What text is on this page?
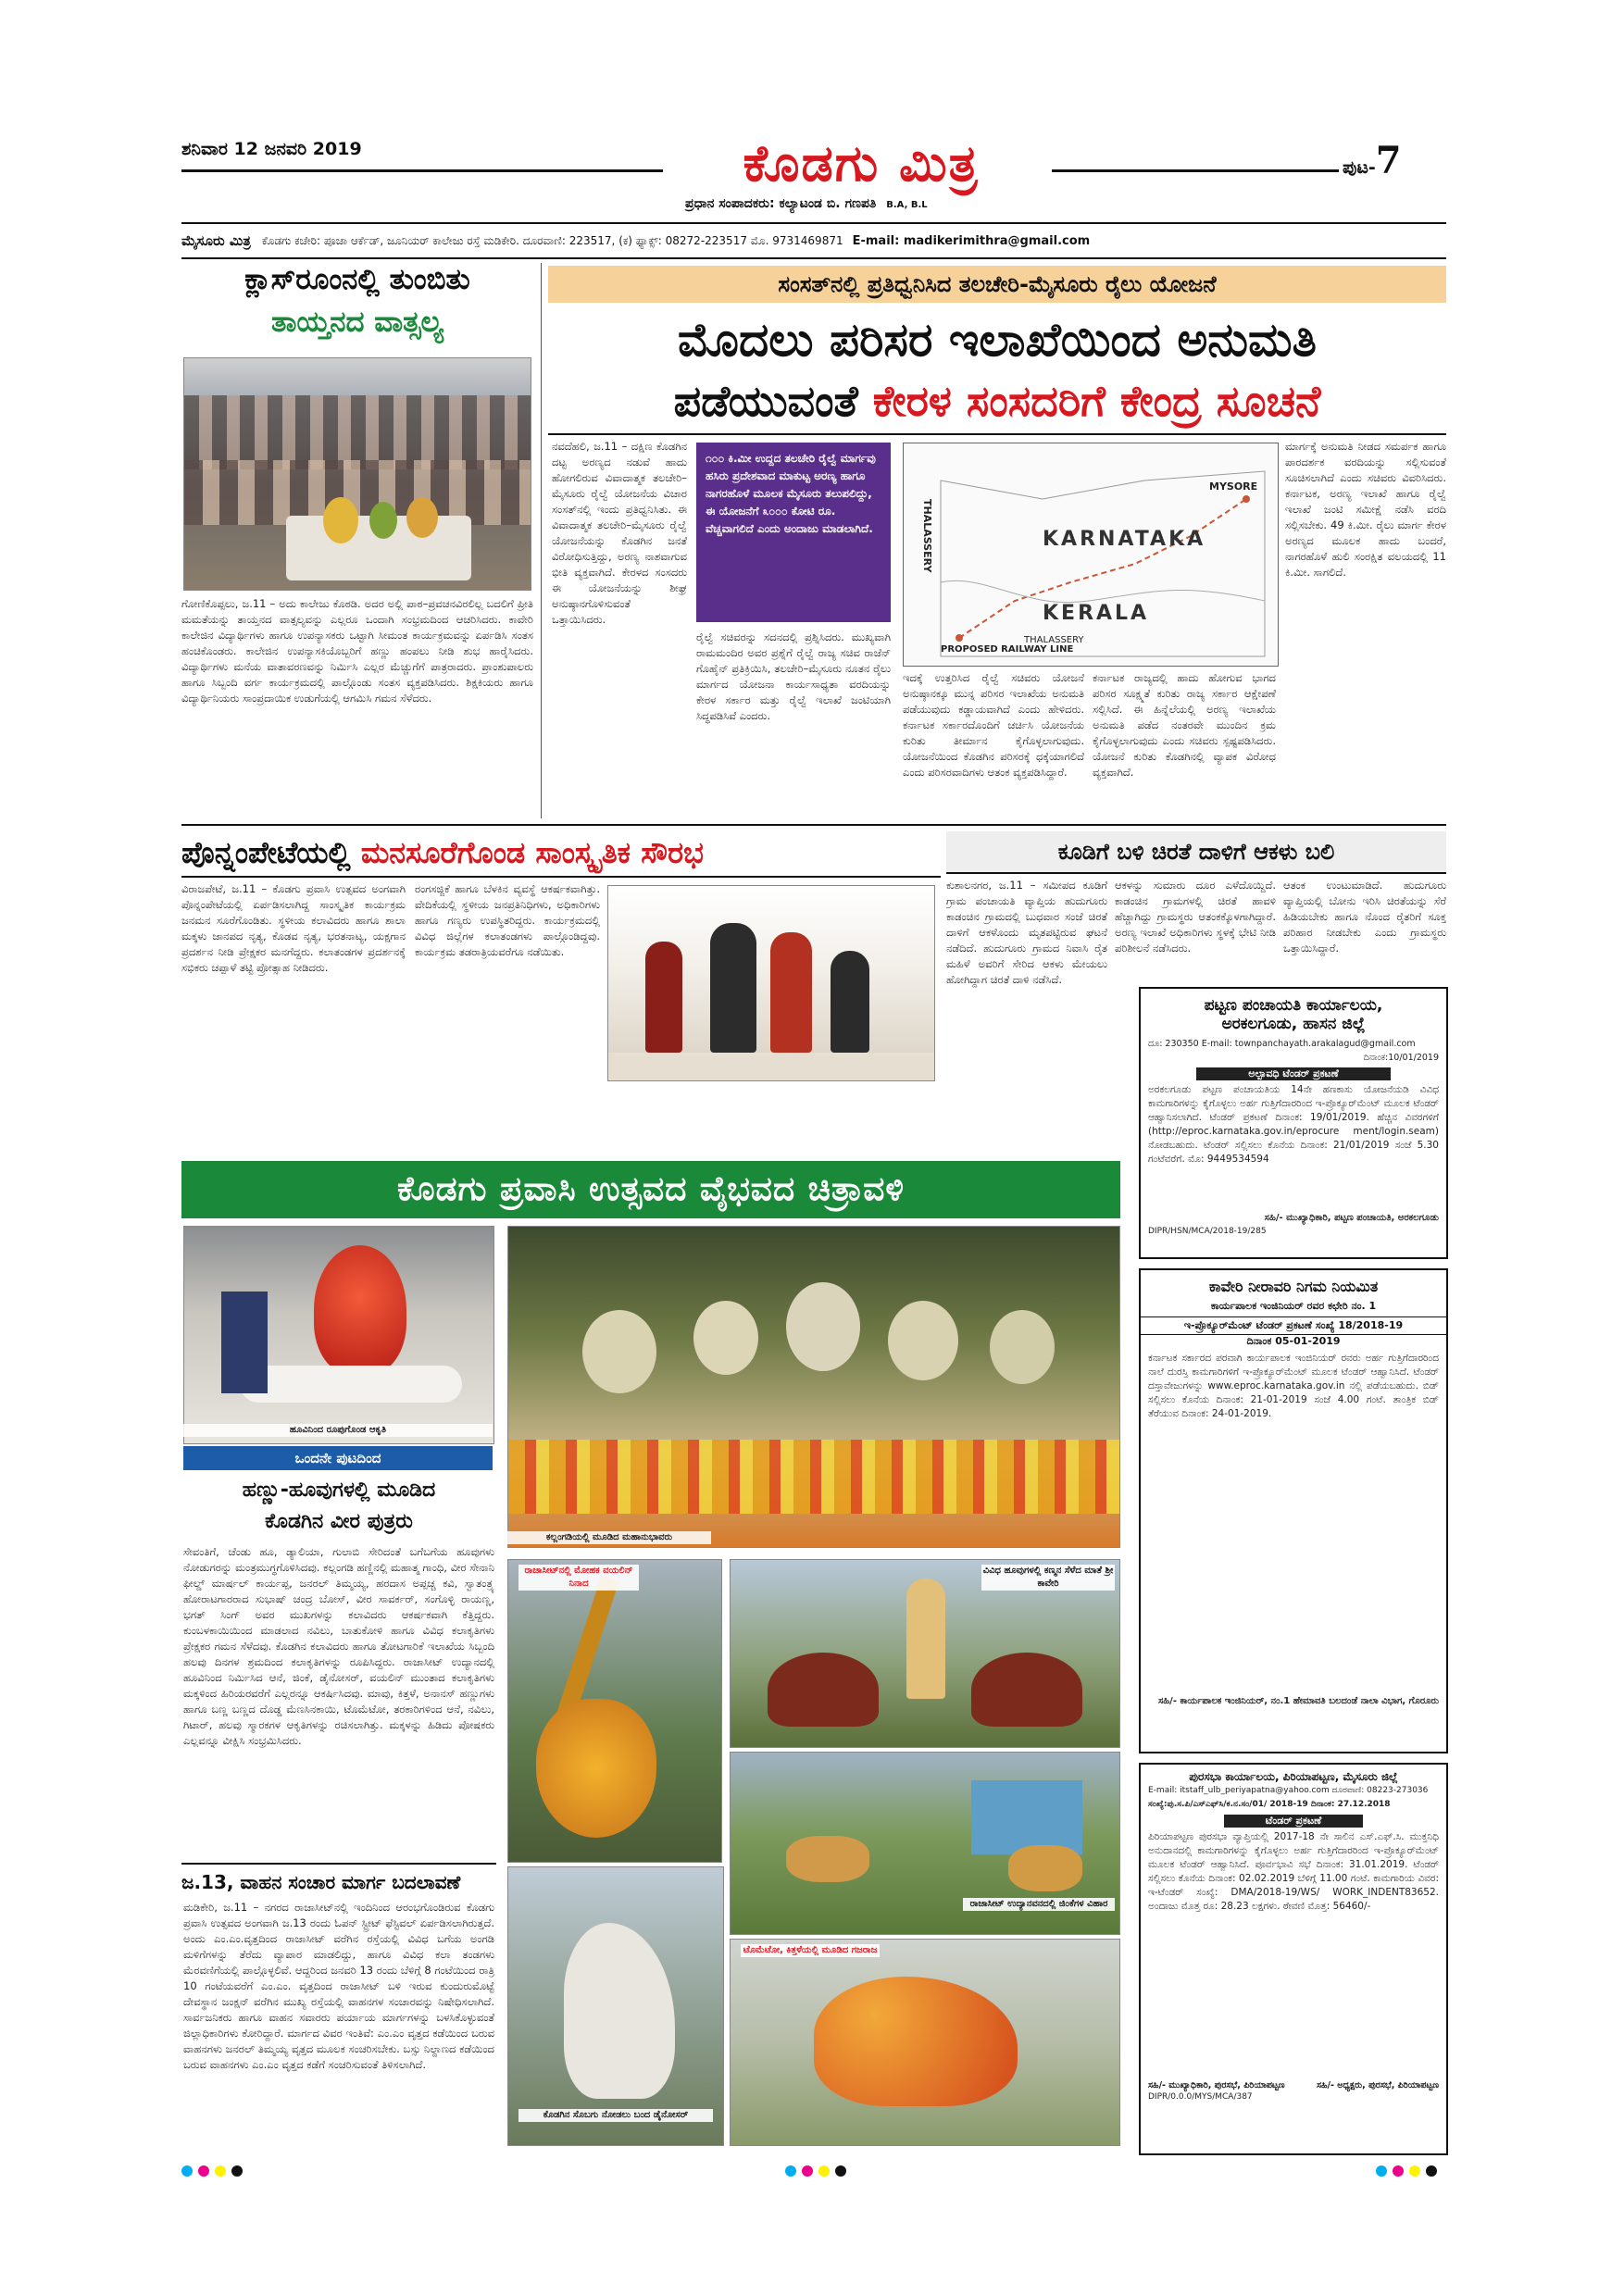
ಶನಿವಾರ 12 ಜನವರಿ 2019	ಕೊಡಗು ಮಿತ್ರ
ಪ್ರಧಾನ ಸಂಪಾದಕರು: ಕಲ್ಯಾಟಂಡ ಬಿ. ಗಣಪತಿ B.A, B.L
ಪುಟ-7
ಮೈಸೂರು ಮಿತ್ರ ಕೊಡಗು ಕಚೇರಿ: ಪೂಜಾ ಆರ್ಕೆಡ್, ಜೂನಿಯರ್ ಕಾಲೇಜು ರಸ್ತೆ ಮಡಿಕೇರಿ. ದೂರವಾಣಿ: 223517, (ಕ) ಫ್ಯಾಕ್ಸ್: 08272-223517 ಮೊ. 9731469871 E-mail: madikerimithra@gmail.com
ಕ್ಲಾಸ್‌ರೂಂನಲ್ಲಿ ತುಂಬಿತು
ತಾಯ್ತನದ ವಾತ್ಸಲ್ಯ
ಗೋಣಿಕೊಪ್ಪಲು, ಜ.11 – ಅದು ಕಾಲೇಜು ಕೊಠಡಿ. ಅದರ ಅಲ್ಲಿ ಪಾಠ–ಪ್ರವಚನವಿರಲಿಲ್ಲ ಬದಲಿಗೆ ಪ್ರೀತಿ ಮಮತೆಯನ್ನು ತಾಯ್ತನದ ವಾತ್ಸಲ್ಯವನ್ನು ಎಲ್ಲರೂ ಒಂದಾಗಿ ಸಂಭ್ರಮದಿಂದ ಆಚರಿಸಿದರು. ಕಾವೇರಿ ಕಾಲೇಜಿನ ವಿದ್ಯಾರ್ಥಿಗಳು ಹಾಗೂ ಉಪನ್ಯಾಸಕರು ಒಟ್ಟಾಗಿ ಸೀಮಂತ ಕಾರ್ಯಕ್ರಮವನ್ನು ಏರ್ಪಡಿಸಿ ಸಂತಸ ಹಂಚಿಕೊಂಡರು. ಕಾಲೇಜಿನ ಉಪನ್ಯಾಸಕಿಯೊಬ್ಬರಿಗೆ ಹಣ್ಣು ಹಂಪಲು ನೀಡಿ ಶುಭ ಹಾರೈಸಿದರು. ವಿದ್ಯಾರ್ಥಿಗಳು ಮನೆಯ ವಾತಾವರಣವನ್ನು ನಿರ್ಮಿಸಿ ಎಲ್ಲರ ಮೆಚ್ಚುಗೆಗೆ ಪಾತ್ರರಾದರು. ಪ್ರಾಂಶುಪಾಲರು ಹಾಗೂ ಸಿಬ್ಬಂದಿ ವರ್ಗ ಕಾರ್ಯಕ್ರಮದಲ್ಲಿ ಪಾಲ್ಗೊಂಡು ಸಂತಸ ವ್ಯಕ್ತಪಡಿಸಿದರು. ಶಿಕ್ಷಕಿಯರು ಹಾಗೂ ವಿದ್ಯಾರ್ಥಿನಿಯರು ಸಾಂಪ್ರದಾಯಿಕ ಉಡುಗೆಯಲ್ಲಿ ಆಗಮಿಸಿ ಗಮನ ಸೆಳೆದರು.
ಸಂಸತ್‌ನಲ್ಲಿ ಪ್ರತಿಧ್ವನಿಸಿದ ತಲಚೇರಿ-ಮೈಸೂರು ರೈಲು ಯೋಜನೆ
ಮೊದಲು ಪರಿಸರ ಇಲಾಖೆಯಿಂದ ಅನುಮತಿ
ಪಡೆಯುವಂತೆ ಕೇರಳ ಸಂಸದರಿಗೆ ಕೇಂದ್ರ ಸೂಚನೆ
ನವದೆಹಲಿ, ಜ.11 – ದಕ್ಷಿಣ ಕೊಡಗಿನ ದಟ್ಟ ಅರಣ್ಯದ ನಡುವೆ ಹಾದು ಹೋಗಲಿರುವ ವಿವಾದಾತ್ಮಕ ತಲಚೇರಿ–ಮೈಸೂರು ರೈಲ್ವೆ ಯೋಜನೆಯ ವಿಚಾರ ಸಂಸತ್‌ನಲ್ಲಿ ಇಂದು ಪ್ರತಿಧ್ವನಿಸಿತು. ಈ ವಿವಾದಾತ್ಮಕ ತಲಚೇರಿ–ಮೈಸೂರು ರೈಲ್ವೆ ಯೋಜನೆಯನ್ನು ಕೊಡಗಿನ ಜನತೆ ವಿರೋಧಿಸುತ್ತಿದ್ದು, ಅರಣ್ಯ ನಾಶವಾಗುವ ಭೀತಿ ವ್ಯಕ್ತವಾಗಿದೆ. ಕೇರಳದ ಸಂಸದರು ಈ ಯೋಜನೆಯನ್ನು ಶೀಘ್ರ ಅನುಷ್ಠಾನಗೊಳಿಸುವಂತೆ ಒತ್ತಾಯಿಸಿದರು.
೧೦೦ ಕಿ.ಮೀ ಉದ್ದದ ತಲಚೇರಿ ರೈಲ್ವೆ ಮಾರ್ಗವು ಹಸಿರು ಪ್ರದೇಶವಾದ ಮಾಕುಟ್ಟ ಅರಣ್ಯ ಹಾಗೂ ನಾಗರಹೊಳೆ ಮೂಲಕ ಮೈಸೂರು ತಲುಪಲಿದ್ದು, ಈ ಯೋಜನೆಗೆ ೩೦೦೦ ಕೋಟಿ ರೂ. ವೆಚ್ಚವಾಗಲಿದೆ ಎಂದು ಅಂದಾಜು ಮಾಡಲಾಗಿದೆ.
ರೈಲ್ವೆ ಸಚಿವರನ್ನು ಸದನದಲ್ಲಿ ಪ್ರಶ್ನಿಸಿದರು. ಮುಖ್ಯವಾಗಿ ರಾಮಮಂದಿರ ಅವರ ಪ್ರಶ್ನೆಗೆ ರೈಲ್ವೆ ರಾಜ್ಯ ಸಚಿವ ರಾಜೆನ್ ಗೊಹೈನ್ ಪ್ರತಿಕ್ರಿಯಿಸಿ, ತಲಚೇರಿ–ಮೈಸೂರು ನೂತನ ರೈಲು ಮಾರ್ಗದ ಯೋಜನಾ ಕಾರ್ಯಸಾಧ್ಯತಾ ವರದಿಯನ್ನು ಕೇರಳ ಸರ್ಕಾರ ಮತ್ತು ರೈಲ್ವೆ ಇಲಾಖೆ ಜಂಟಿಯಾಗಿ ಸಿದ್ಧಪಡಿಸಿವೆ ಎಂದರು.
THALASSERY
MYSORE
KARNATAKA
KERALA
PROPOSED RAILWAY LINE
THALASSERY
ಇದಕ್ಕೆ ಉತ್ತರಿಸಿದ ರೈಲ್ವೆ ಸಚಿವರು ಯೋಜನೆ ಅನುಷ್ಠಾನಕ್ಕೂ ಮುನ್ನ ಪರಿಸರ ಇಲಾಖೆಯ ಅನುಮತಿ ಪಡೆಯುವುದು ಕಡ್ಡಾಯವಾಗಿದೆ ಎಂದು ಹೇಳಿದರು. ಕರ್ನಾಟಕ ಸರ್ಕಾರದೊಂದಿಗೆ ಚರ್ಚಿಸಿ ಯೋಜನೆಯ ಕುರಿತು ತೀರ್ಮಾನ ಕೈಗೊಳ್ಳಲಾಗುವುದು. ಯೋಜನೆಯಿಂದ ಕೊಡಗಿನ ಪರಿಸರಕ್ಕೆ ಧಕ್ಕೆಯಾಗಲಿದೆ ಎಂದು ಪರಿಸರವಾದಿಗಳು ಆತಂಕ ವ್ಯಕ್ತಪಡಿಸಿದ್ದಾರೆ.
ಕರ್ನಾಟಕ ರಾಜ್ಯದಲ್ಲಿ ಹಾದು ಹೋಗುವ ಭಾಗದ ಪರಿಸರ ಸೂಕ್ಷ್ಮತೆ ಕುರಿತು ರಾಜ್ಯ ಸರ್ಕಾರ ಆಕ್ಷೇಪಣೆ ಸಲ್ಲಿಸಿದೆ. ಈ ಹಿನ್ನೆಲೆಯಲ್ಲಿ ಅರಣ್ಯ ಇಲಾಖೆಯ ಅನುಮತಿ ಪಡೆದ ನಂತರವೇ ಮುಂದಿನ ಕ್ರಮ ಕೈಗೊಳ್ಳಲಾಗುವುದು ಎಂದು ಸಚಿವರು ಸ್ಪಷ್ಟಪಡಿಸಿದರು. ಯೋಜನೆ ಕುರಿತು ಕೊಡಗಿನಲ್ಲಿ ವ್ಯಾಪಕ ವಿರೋಧ ವ್ಯಕ್ತವಾಗಿದೆ.
ಮಾರ್ಗಕ್ಕೆ ಅನುಮತಿ ನೀಡದ ಸಮರ್ಪಕ ಹಾಗೂ ಪಾರದರ್ಶಕ ವರದಿಯನ್ನು ಸಲ್ಲಿಸುವಂತೆ ಸೂಚಿಸಲಾಗಿದೆ ಎಂದು ಸಚಿವರು ವಿವರಿಸಿದರು. ಕರ್ನಾಟಕ, ಅರಣ್ಯ ಇಲಾಖೆ ಹಾಗೂ ರೈಲ್ವೆ ಇಲಾಖೆ ಜಂಟಿ ಸಮೀಕ್ಷೆ ನಡೆಸಿ ವರದಿ ಸಲ್ಲಿಸಬೇಕು. 49 ಕಿ.ಮೀ. ರೈಲು ಮಾರ್ಗ ಕೇರಳ ಅರಣ್ಯದ ಮೂಲಕ ಹಾದು ಬಂದರೆ, ನಾಗರಹೊಳೆ ಹುಲಿ ಸಂರಕ್ಷಿತ ವಲಯದಲ್ಲಿ 11 ಕಿ.ಮೀ. ಸಾಗಲಿದೆ.
ಪೊನ್ನಂಪೇಟೆಯಲ್ಲಿ ಮನಸೂರೆಗೊಂಡ ಸಾಂಸ್ಕೃತಿಕ ಸೌರಭ
ವಿರಾಜಪೇಟೆ, ಜ.11 – ಕೊಡಗು ಪ್ರವಾಸಿ ಉತ್ಸವದ ಅಂಗವಾಗಿ ಪೊನ್ನಂಪೇಟೆಯಲ್ಲಿ ಏರ್ಪಡಿಸಲಾಗಿದ್ದ ಸಾಂಸ್ಕೃತಿಕ ಕಾರ್ಯಕ್ರಮ ಜನಮನ ಸೂರೆಗೊಂಡಿತು. ಸ್ಥಳೀಯ ಕಲಾವಿದರು ಹಾಗೂ ಶಾಲಾ ಮಕ್ಕಳು ಜಾನಪದ ನೃತ್ಯ, ಕೊಡವ ನೃತ್ಯ, ಭರತನಾಟ್ಯ, ಯಕ್ಷಗಾನ ಪ್ರದರ್ಶನ ನೀಡಿ ಪ್ರೇಕ್ಷಕರ ಮನಗೆದ್ದರು. ಕಲಾತಂಡಗಳ ಪ್ರದರ್ಶನಕ್ಕೆ ಸಭಿಕರು ಚಪ್ಪಾಳೆ ತಟ್ಟಿ ಪ್ರೋತ್ಸಾಹ ನೀಡಿದರು.
ರಂಗಸಜ್ಜಿಕೆ ಹಾಗೂ ಬೆಳಕಿನ ವ್ಯವಸ್ಥೆ ಆಕರ್ಷಕವಾಗಿತ್ತು. ವೇದಿಕೆಯಲ್ಲಿ ಸ್ಥಳೀಯ ಜನಪ್ರತಿನಿಧಿಗಳು, ಅಧಿಕಾರಿಗಳು ಹಾಗೂ ಗಣ್ಯರು ಉಪಸ್ಥಿತರಿದ್ದರು. ಕಾರ್ಯಕ್ರಮದಲ್ಲಿ ವಿವಿಧ ಜಿಲ್ಲೆಗಳ ಕಲಾತಂಡಗಳು ಪಾಲ್ಗೊಂಡಿದ್ದವು. ಕಾರ್ಯಕ್ರಮ ತಡರಾತ್ರಿಯವರೆಗೂ ನಡೆಯಿತು.
ಕೂಡಿಗೆ ಬಳಿ ಚಿರತೆ ದಾಳಿಗೆ ಆಕಳು ಬಲಿ
ಕುಶಾಲನಗರ, ಜ.11 – ಸಮೀಪದ ಕೂಡಿಗೆ ಗ್ರಾಮ ಪಂಚಾಯತಿ ವ್ಯಾಪ್ತಿಯ ಹುದುಗೂರು ಕಾಡಂಚಿನ ಗ್ರಾಮದಲ್ಲಿ ಬುಧವಾರ ಸಂಜೆ ಚಿರತೆ ದಾಳಿಗೆ ಆಕಳೊಂದು ಮೃತಪಟ್ಟಿರುವ ಘಟನೆ ನಡೆದಿದೆ. ಹುದುಗೂರು ಗ್ರಾಮದ ನಿವಾಸಿ ರೈತ ಮಹಿಳೆ ಅವರಿಗೆ ಸೇರಿದ ಆಕಳು ಮೇಯಲು ಹೋಗಿದ್ದಾಗ ಚಿರತೆ ದಾಳಿ ನಡೆಸಿದೆ.
ಆಕಳನ್ನು ಸುಮಾರು ದೂರ ಎಳೆದೊಯ್ದಿದೆ. ಕಾಡಂಚಿನ ಗ್ರಾಮಗಳಲ್ಲಿ ಚಿರತೆ ಹಾವಳಿ ಹೆಚ್ಚಾಗಿದ್ದು ಗ್ರಾಮಸ್ಥರು ಆತಂಕಕ್ಕೊಳಗಾಗಿದ್ದಾರೆ. ಅರಣ್ಯ ಇಲಾಖೆ ಅಧಿಕಾರಿಗಳು ಸ್ಥಳಕ್ಕೆ ಭೇಟಿ ನೀಡಿ ಪರಿಶೀಲನೆ ನಡೆಸಿದರು.
ಆತಂಕ ಉಂಟುಮಾಡಿದೆ. ಹುದುಗೂರು ವ್ಯಾಪ್ತಿಯಲ್ಲಿ ಬೋನು ಇರಿಸಿ ಚಿರತೆಯನ್ನು ಸೆರೆ ಹಿಡಿಯಬೇಕು ಹಾಗೂ ನೊಂದ ರೈತರಿಗೆ ಸೂಕ್ತ ಪರಿಹಾರ ನೀಡಬೇಕು ಎಂದು ಗ್ರಾಮಸ್ಥರು ಒತ್ತಾಯಿಸಿದ್ದಾರೆ.
ಪಟ್ಟಣ ಪಂಚಾಯತಿ ಕಾರ್ಯಾಲಯ,
ಅರಕಲಗೂಡು, ಹಾಸನ ಜಿಲ್ಲೆ
ದೂ: 230350 E-mail: townpanchayath.arakalagud@gmail.com
ದಿನಾಂಕ:10/01/2019
ಅಲ್ಪಾವಧಿ ಟೆಂಡರ್ ಪ್ರಕಟಣೆ
ಅರಕಲಗೂಡು ಪಟ್ಟಣ ಪಂಚಾಯತಿಯ 14ನೇ ಹಣಕಾಸು ಯೋಜನೆಯಡಿ ವಿವಿಧ ಕಾಮಗಾರಿಗಳನ್ನು ಕೈಗೊಳ್ಳಲು ಅರ್ಹ ಗುತ್ತಿಗೆದಾರರಿಂದ ಇ-ಪ್ರೊಕ್ಯೂರ್‌ಮೆಂಟ್ ಮೂಲಕ ಟೆಂಡರ್ ಆಹ್ವಾನಿಸಲಾಗಿದೆ. ಟೆಂಡರ್ ಪ್ರಕಟಣೆ ದಿನಾಂಕ: 19/01/2019. ಹೆಚ್ಚಿನ ವಿವರಗಳಿಗೆ (http://eproc.karnataka.gov.in/eprocure ment/login.seam) ನೋಡಬಹುದು. ಟೆಂಡರ್ ಸಲ್ಲಿಸಲು ಕೊನೆಯ ದಿನಾಂಕ: 21/01/2019 ಸಂಜೆ 5.30 ಗಂಟೆವರೆಗೆ. ಮೊ: 9449534594
ಸಹಿ/- ಮುಖ್ಯಾಧಿಕಾರಿ, ಪಟ್ಟಣ ಪಂಚಾಯತಿ, ಅರಕಲಗೂಡು
DIPR/HSN/MCA/2018-19/285
ಕೊಡಗು ಪ್ರವಾಸಿ ಉತ್ಸವದ ವೈಭವದ ಚಿತ್ರಾವಳಿ
ಹೂವಿನಿಂದ ರೂಪುಗೊಂಡ ಆಕೃತಿ
ಒಂದನೇ ಪುಟದಿಂದ
ಹಣ್ಣು-ಹೂವುಗಳಲ್ಲಿ ಮೂಡಿದ
ಕೊಡಗಿನ ವೀರ ಪುತ್ರರು
ಸೇವಂತಿಗೆ, ಚೆಂಡು ಹೂ, ಡ್ಯಾಲಿಯಾ, ಗುಲಾಬಿ ಸೇರಿದಂತೆ ಬಗೆಬಗೆಯ ಹೂವುಗಳು ನೋಡುಗರನ್ನು ಮಂತ್ರಮುಗ್ಧಗೊಳಿಸಿದವು. ಕಲ್ಲಂಗಡಿ ಹಣ್ಣಿನಲ್ಲಿ ಮಹಾತ್ಮ ಗಾಂಧಿ, ವೀರ ಸೇನಾನಿ ಫೀಲ್ಡ್ ಮಾರ್ಷಲ್ ಕಾರ್ಯಪ್ಪ, ಜನರಲ್ ತಿಮ್ಮಯ್ಯ, ಹರದಾಸ ಅಪ್ಪಚ್ಚ ಕವಿ, ಸ್ವಾತಂತ್ರ್ಯ ಹೋರಾಟಗಾರರಾದ ಸುಭಾಷ್ ಚಂದ್ರ ಬೋಸ್, ವೀರ ಸಾವರ್ಕರ್, ಸಂಗೊಳ್ಳಿ ರಾಯಣ್ಣ, ಭಗತ್ ಸಿಂಗ್ ಅವರ ಮುಖಗಳನ್ನು ಕಲಾವಿದರು ಆಕರ್ಷಕವಾಗಿ ಕೆತ್ತಿದ್ದರು. ಕುಂಬಳಕಾಯಿಯಿಂದ ಮಾಡಲಾದ ನವಿಲು, ಬಾತುಕೋಳಿ ಹಾಗೂ ವಿವಿಧ ಕಲಾಕೃತಿಗಳು ಪ್ರೇಕ್ಷಕರ ಗಮನ ಸೆಳೆದವು. ಕೊಡಗಿನ ಕಲಾವಿದರು ಹಾಗೂ ತೋಟಗಾರಿಕೆ ಇಲಾಖೆಯ ಸಿಬ್ಬಂದಿ ಹಲವು ದಿನಗಳ ಶ್ರಮದಿಂದ ಕಲಾಕೃತಿಗಳನ್ನು ರೂಪಿಸಿದ್ದರು. ರಾಜಾಸೀಟ್ ಉದ್ಯಾನದಲ್ಲಿ ಹೂವಿನಿಂದ ನಿರ್ಮಿಸಿದ ಆನೆ, ಜಿಂಕೆ, ಡೈನೋಸರ್, ವಯಲಿನ್ ಮುಂತಾದ ಕಲಾಕೃತಿಗಳು ಮಕ್ಕಳಿಂದ ಹಿರಿಯರವರೆಗೆ ಎಲ್ಲರನ್ನೂ ಆಕರ್ಷಿಸಿದವು. ಮಾವು, ಕಿತ್ತಳೆ, ಅನಾನಸ್ ಹಣ್ಣುಗಳು ಹಾಗೂ ಬಣ್ಣ ಬಣ್ಣದ ದೊಡ್ಡ ಮೆಣಸಿನಕಾಯಿ, ಟೊಮೆಟೋ, ತರಕಾರಿಗಳಿಂದ ಆನೆ, ನವಿಲು, ಗಿಟಾರ್, ಹಲವು ಸ್ಮಾರಕಗಳ ಆಕೃತಿಗಳನ್ನು ರಚಿಸಲಾಗಿತ್ತು. ಮಕ್ಕಳನ್ನು ಹಿಡಿದು ಪೋಷಕರು ಎಲ್ಲವನ್ನೂ ವೀಕ್ಷಿಸಿ ಸಂಭ್ರಮಿಸಿದರು.
ಜ.13, ವಾಹನ ಸಂಚಾರ ಮಾರ್ಗ ಬದಲಾವಣೆ
ಮಡಿಕೇರಿ, ಜ.11 – ನಗರದ ರಾಜಾಸೀಟ್‌ನಲ್ಲಿ ಇಂದಿನಿಂದ ಆರಂಭಗೊಂಡಿರುವ ಕೊಡಗು ಪ್ರವಾಸಿ ಉತ್ಸವದ ಅಂಗವಾಗಿ ಜ.13 ರಂದು ಓಪನ್ ಸ್ಟ್ರೀಟ್ ಫೆಸ್ಟಿವಲ್ ಏರ್ಪಡಿಸಲಾಗಿರುತ್ತದೆ. ಅಂದು ಎಂ.ಎಂ.ವೃತ್ತದಿಂದ ರಾಜಾಸೀಟ್ ವರೆಗಿನ ರಸ್ತೆಯಲ್ಲಿ ವಿವಿಧ ಬಗೆಯ ಅಂಗಡಿ ಮಳಿಗೆಗಳನ್ನು ತೆರೆದು ವ್ಯಾಪಾರ ಮಾಡಲಿದ್ದು, ಹಾಗೂ ವಿವಿಧ ಕಲಾ ತಂಡಗಳು ಮೆರವಣಿಗೆಯಲ್ಲಿ ಪಾಲ್ಗೊಳ್ಳಲಿವೆ. ಆದ್ದರಿಂದ ಜನವರಿ 13 ರಂದು ಬೆಳಿಗ್ಗೆ 8 ಗಂಟೆಯಿಂದ ರಾತ್ರಿ 10 ಗಂಟೆಯವರೆಗೆ ಎಂ.ಎಂ. ವೃತ್ತದಿಂದ ರಾಜಾಸೀಟ್ ಬಳಿ ಇರುವ ಕುಂದುರುಮೊಟ್ಟೆ ದೇವಸ್ಥಾನ ಜಂಕ್ಷನ್ ವರೆಗಿನ ಮುಖ್ಯ ರಸ್ತೆಯಲ್ಲಿ ವಾಹನಗಳ ಸಂಚಾರವನ್ನು ನಿಷೇಧಿಸಲಾಗಿದೆ. ಸಾರ್ವಜನಿಕರು ಹಾಗೂ ವಾಹನ ಸವಾರರು ಪರ್ಯಾಯ ಮಾರ್ಗಗಳನ್ನು ಬಳಸಿಕೊಳ್ಳುವಂತೆ ಜಿಲ್ಲಾಧಿಕಾರಿಗಳು ಕೋರಿದ್ದಾರೆ. ಮಾರ್ಗದ ವಿವರ ಇಂತಿವೆ: ಎಂ.ಎಂ ವೃತ್ತದ ಕಡೆಯಿಂದ ಬರುವ ವಾಹನಗಳು ಜನರಲ್ ತಿಮ್ಮಯ್ಯ ವೃತ್ತದ ಮೂಲಕ ಸಂಚರಿಸಬೇಕು. ಬಸ್ಸು ನಿಲ್ದಾಣದ ಕಡೆಯಿಂದ ಬರುವ ವಾಹನಗಳು ಎಂ.ಎಂ ವೃತ್ತದ ಕಡೆಗೆ ಸಂಚರಿಸುವಂತೆ ತಿಳಿಸಲಾಗಿದೆ.
ಕಲ್ಲಂಗಡಿಯಲ್ಲಿ ಮೂಡಿದ ಮಹಾನುಭಾವರು
ರಾಜಾಸೀಟ್‌ನಲ್ಲಿ ಮೋಹಕ ವಯಲಿನ್ ನಿನಾದ
ವಿವಿಧ ಹೂವುಗಳಲ್ಲಿ ಕಣ್ಮನ ಸೆಳೆದ ಮಾತೆ ಶ್ರೀ ಕಾವೇರಿ
ರಾಜಾಸೀಟ್ ಉದ್ಯಾನವನದಲ್ಲಿ ಜಿಂಕೆಗಳ ವಿಹಾರ
ಕೊಡಗಿನ ಸೊಬಗು ನೋಡಲು ಬಂದ ಡೈನೋಸರ್
ಟೊಮೆಟೋ, ಕಿತ್ತಳೆಯಲ್ಲಿ ಮೂಡಿದ ಗಜರಾಜ
ಕಾವೇರಿ ನೀರಾವರಿ ನಿಗಮ ನಿಯಮಿತ
ಕಾರ್ಯಪಾಲಕ ಇಂಜಿನಿಯರ್ ರವರ ಕಛೇರಿ ನಂ. 1
ಇ-ಪ್ರೊಕ್ಯೂರ್‌ಮೆಂಟ್ ಟೆಂಡರ್ ಪ್ರಕಟಣೆ ಸಂಖ್ಯೆ 18/2018-19
ದಿನಾಂಕ 05-01-2019
ಕರ್ನಾಟಕ ಸರ್ಕಾರದ ಪರವಾಗಿ ಕಾರ್ಯಪಾಲಕ ಇಂಜಿನಿಯರ್ ರವರು ಅರ್ಹ ಗುತ್ತಿಗೆದಾರರಿಂದ ನಾಲೆ ದುರಸ್ತಿ ಕಾಮಗಾರಿಗಳಿಗೆ ಇ-ಪ್ರೊಕ್ಯೂರ್‌ಮೆಂಟ್ ಮೂಲಕ ಟೆಂಡರ್ ಆಹ್ವಾನಿಸಿದೆ. ಟೆಂಡರ್ ದಸ್ತಾವೇಜುಗಳನ್ನು www.eproc.karnataka.gov.in ನಲ್ಲಿ ಪಡೆಯಬಹುದು. ಬಿಡ್ ಸಲ್ಲಿಸಲು ಕೊನೆಯ ದಿನಾಂಕ: 21-01-2019 ಸಂಜೆ 4.00 ಗಂಟೆ. ತಾಂತ್ರಿಕ ಬಿಡ್ ತೆರೆಯುವ ದಿನಾಂಕ: 24-01-2019.
ಸಹಿ/- ಕಾರ್ಯಪಾಲಕ ಇಂಜಿನಿಯರ್, ನಂ.1 ಹೇಮಾವತಿ ಬಲದಂಡೆ ನಾಲಾ ವಿಭಾಗ, ಗೊರೂರು
ಪುರಸಭಾ ಕಾರ್ಯಾಲಯ, ಪಿರಿಯಾಪಟ್ಟಣ, ಮೈಸೂರು ಜಿಲ್ಲೆ
E-mail: itstaff_ulb_periyapatna@yahoo.com ದೂರವಾಣಿ: 08223-273036
ಸಂಖ್ಯೆ:ಪು.ಸ.ಪಿ/ಎಸ್‌ಎಫ್‌ಸಿ/ಕ.ನ.ಸಂ/01/ 2018-19 ದಿನಾಂಕ: 27.12.2018
ಟೆಂಡರ್ ಪ್ರಕಟಣೆ
ಪಿರಿಯಾಪಟ್ಟಣ ಪುರಸಭಾ ವ್ಯಾಪ್ತಿಯಲ್ಲಿ 2017-18 ನೇ ಸಾಲಿನ ಎಸ್.ಎಫ್.ಸಿ. ಮುಕ್ತನಿಧಿ ಅನುದಾನದಲ್ಲಿ ಕಾಮಗಾರಿಗಳನ್ನು ಕೈಗೊಳ್ಳಲು ಅರ್ಹ ಗುತ್ತಿಗೆದಾರರಿಂದ ಇ-ಪ್ರೊಕ್ಯೂರ್‌ಮೆಂಟ್ ಮೂಲಕ ಟೆಂಡರ್ ಆಹ್ವಾನಿಸಿದೆ. ಪೂರ್ವಭಾವಿ ಸಭೆ ದಿನಾಂಕ: 31.01.2019. ಟೆಂಡರ್ ಸಲ್ಲಿಸಲು ಕೊನೆಯ ದಿನಾಂಕ: 02.02.2019 ಬೆಳಿಗ್ಗೆ 11.00 ಗಂಟೆ. ಕಾಮಗಾರಿಯ ವಿವರ: ಇ-ಟೆಂಡರ್ ಸಂಖ್ಯೆ: DMA/2018-19/WS/ WORK_INDENT83652. ಅಂದಾಜು ಮೊತ್ತ ರೂ: 28.23 ಲಕ್ಷಗಳು. ಠೇವಣಿ ಮೊತ್ತ: 56460/-
ಸಹಿ/- ಮುಖ್ಯಾಧಿಕಾರಿ, ಪುರಸಭೆ, ಪಿರಿಯಾಪಟ್ಟಣ	ಸಹಿ/- ಅಧ್ಯಕ್ಷರು, ಪುರಸಭೆ, ಪಿರಿಯಾಪಟ್ಟಣ
DIPR/0.0.0/MYS/MCA/387
